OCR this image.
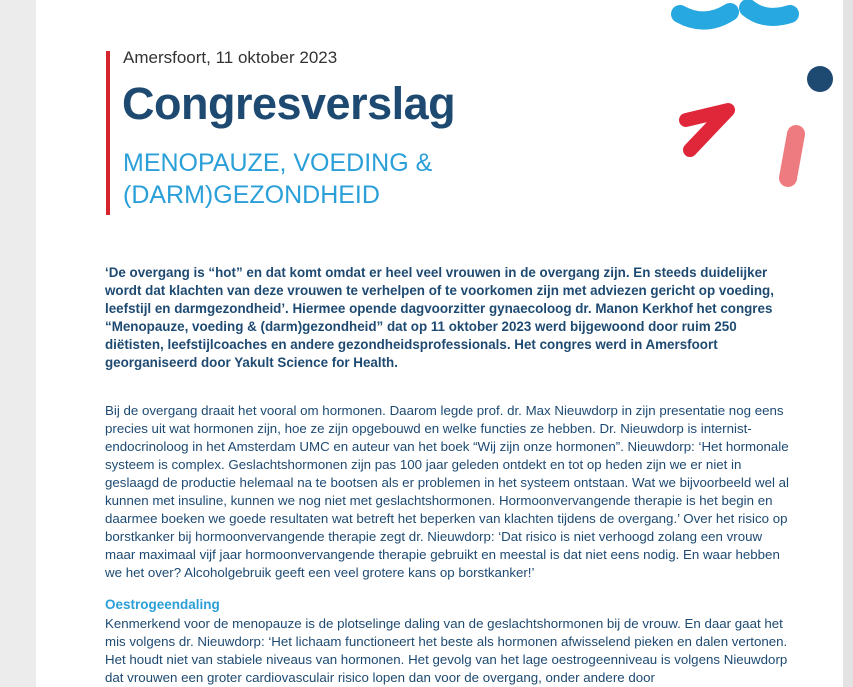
Amersfoort, 11 oktober 2023
Congresverslag
MENOPAUZE, VOEDING & (DARM)GEZONDHEID
‘De overgang is “hot” en dat komt omdat er heel veel vrouwen in de overgang zijn. En steeds duidelijker wordt dat klachten van deze vrouwen te verhelpen of te voorkomen zijn met adviezen gericht op voeding, leefstijl en darmgezondheid’. Hiermee opende dagvoorzitter gynaecoloog dr. Manon Kerkhof het congres “Menopauze, voeding & (darm)gezondheid” dat op 11 oktober 2023 werd bijgewoond door ruim 250 diëtisten, leefstijlcoaches en andere gezondheidsprofessionals. Het congres werd in Amersfoort georganiseerd door Yakult Science for Health.
Bij de overgang draait het vooral om hormonen. Daarom legde prof. dr. Max Nieuwdorp in zijn presentatie nog eens precies uit wat hormonen zijn, hoe ze zijn opgebouwd en welke functies ze hebben. Dr. Nieuwdorp is internist-endocrinoloog in het Amsterdam UMC en auteur van het boek “Wij zijn onze hormonen”. Nieuwdorp: ‘Het hormonale systeem is complex. Geslachtshormonen zijn pas 100 jaar geleden ontdekt en tot op heden zijn we er niet in geslaagd de productie helemaal na te bootsen als er problemen in het systeem ontstaan. Wat we bijvoorbeeld wel al kunnen met insuline, kunnen we nog niet met geslachtshormonen. Hormoonvervangende therapie is het begin en daarmee boeken we goede resultaten wat betreft het beperken van klachten tijdens de overgang.’ Over het risico op borstkanker bij hormoonvervangende therapie zegt dr. Nieuwdorp: ‘Dat risico is niet verhoogd zolang een vrouw maar maximaal vijf jaar hormoonvervangende therapie gebruikt en meestal is dat niet eens nodig. En waar hebben we het over? Alcoholgebruik geeft een veel grotere kans op borstkanker!’
Oestrogeendaling
Kenmerkend voor de menopauze is de plotselinge daling van de geslachtshormonen bij de vrouw. En daar gaat het mis volgens dr. Nieuwdorp: ‘Het lichaam functioneert het beste als hormonen afwisselend pieken en dalen vertonen. Het houdt niet van stabiele niveaus van hormonen. Het gevolg van het lage oestrogeenniveau is volgens Nieuwdorp dat vrouwen een groter cardiovasculair risico lopen dan voor de overgang, onder andere door
